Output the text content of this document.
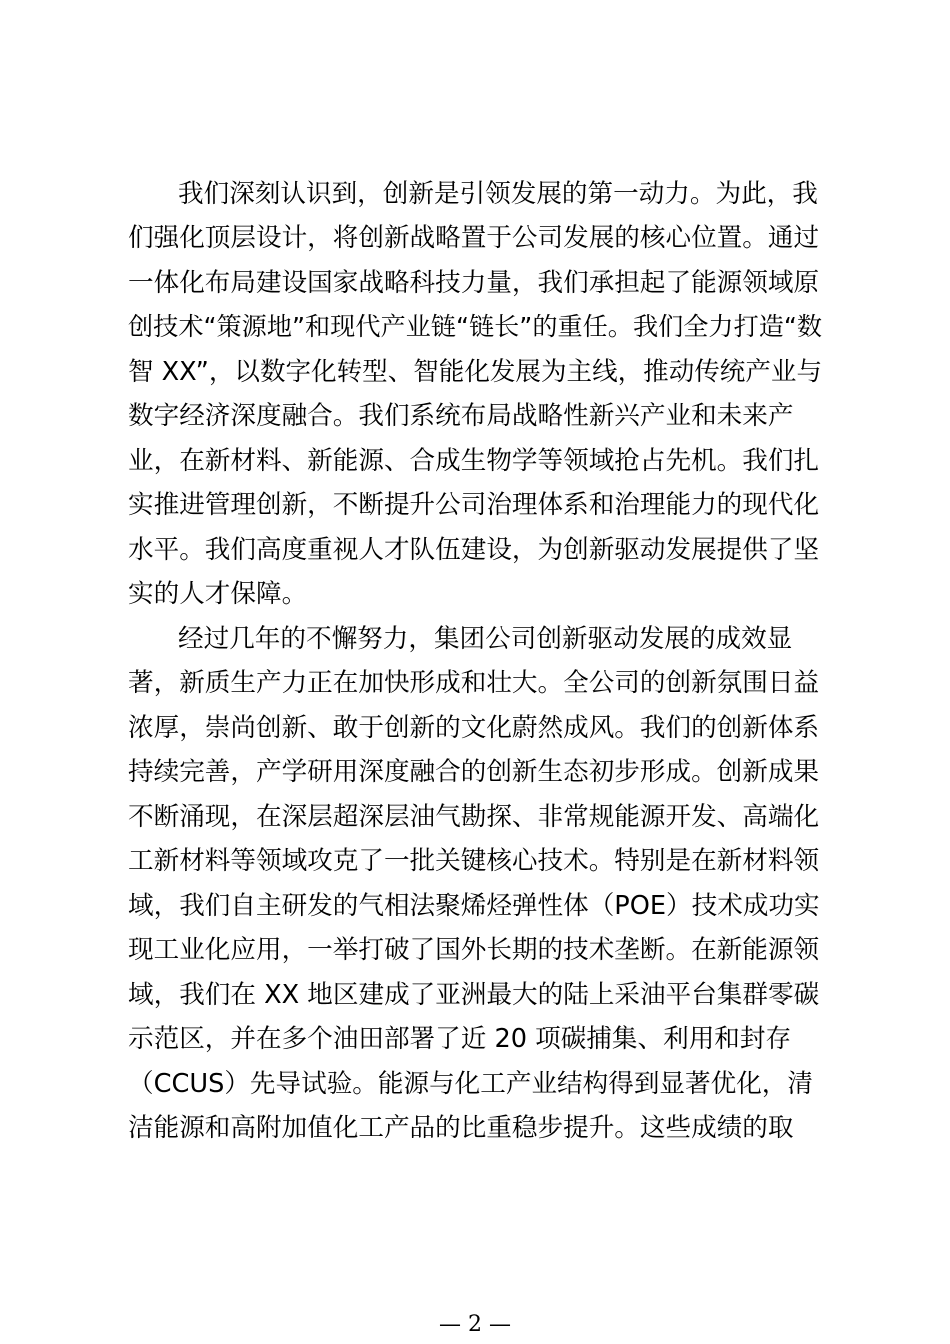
我们深刻认识到，创新是引领发展的第一动力。为此，我
们强化顶层设计，将创新战略置于公司发展的核心位置。通过
一体化布局建设国家战略科技力量，我们承担起了能源领域原
创技术“策源地”和现代产业链“链长”的重任。我们全力打造“数
智 XX”，以数字化转型、智能化发展为主线，推动传统产业与
数字经济深度融合。我们系统布局战略性新兴产业和未来产
业，在新材料、新能源、合成生物学等领域抢占先机。我们扎
实推进管理创新，不断提升公司治理体系和治理能力的现代化
水平。我们高度重视人才队伍建设，为创新驱动发展提供了坚
实的人才保障。
经过几年的不懈努力，集团公司创新驱动发展的成效显
著，新质生产力正在加快形成和壮大。全公司的创新氛围日益
浓厚，崇尚创新、敢于创新的文化蔚然成风。我们的创新体系
持续完善，产学研用深度融合的创新生态初步形成。创新成果
不断涌现，在深层超深层油气勘探、非常规能源开发、高端化
工新材料等领域攻克了一批关键核心技术。特别是在新材料领
域，我们自主研发的气相法聚烯烃弹性体（POE）技术成功实
现工业化应用，一举打破了国外长期的技术垄断。在新能源领
域，我们在 XX 地区建成了亚洲最大的陆上采油平台集群零碳
示范区，并在多个油田部署了近 20 项碳捕集、利用和封存
（CCUS）先导试验。能源与化工产业结构得到显著优化，清
洁能源和高附加值化工产品的比重稳步提升。这些成绩的取
— 2 —
